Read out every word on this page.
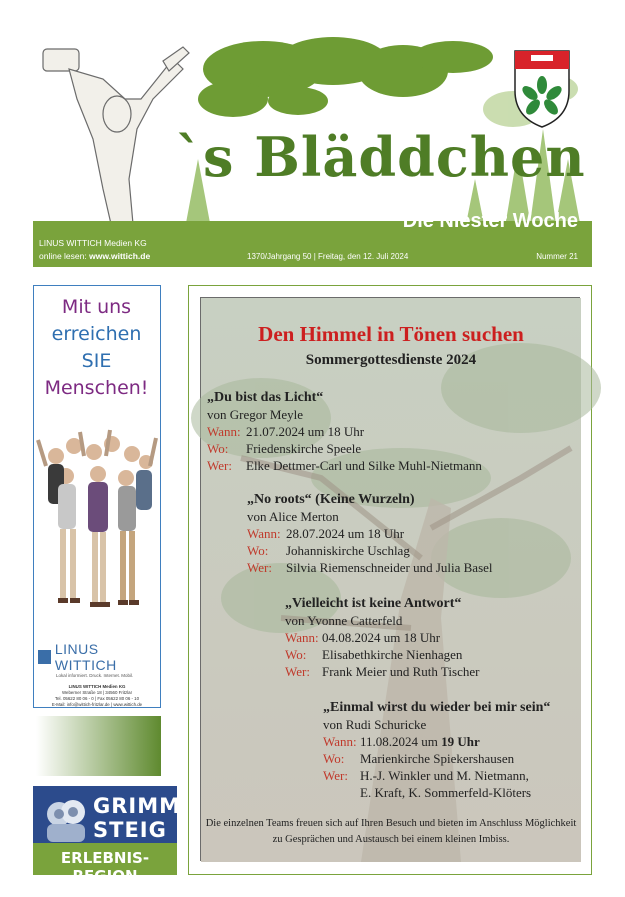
`s Bläddchen
Die Niester Woche
LINUS WITTICH Medien KG
online lesen: www.wittich.de	1370/Jahrgang 50 | Freitag, den 12. Juli 2024	Nummer 21
Mit uns
erreichen
SIE
Menschen!
LINUS WITTICH
Lokal informiert. Druck. Internet. Mobil.
LINUS WITTICH Medien KG
Weberner Straße 18 | 34560 Fritzlar
Tel. 05622 80 06 - 0 | Fax 05622 80 06 - 10
E-Mail: info@wittich-fritzlar.de | www.wittich.de
GRIMM
STEIG
ERLEBNIS-REGION
Den Himmel in Tönen suchen
Sommergottesdienste 2024
„Du bist das Licht“
von Gregor Meyle
Wann: 21.07.2024 um 18 Uhr
Wo: Friedenskirche Speele
Wer: Elke Dettmer-Carl und Silke Muhl-Nietmann
„No roots“ (Keine Wurzeln)
von Alice Merton
Wann: 28.07.2024 um 18 Uhr
Wo: Johanniskirche Uschlag
Wer: Silvia Riemenschneider und Julia Basel
„Vielleicht ist keine Antwort“
von Yvonne Catterfeld
Wann: 04.08.2024 um 18 Uhr
Wo: Elisabethkirche Nienhagen
Wer: Frank Meier und Ruth Tischer
„Einmal wirst du wieder bei mir sein“
von Rudi Schuricke
Wann: 11.08.2024 um 19 Uhr
Wo: Marienkirche Spiekershausen
Wer: H.-J. Winkler und M. Nietmann,
E. Kraft, K. Sommerfeld-Klöters
Die einzelnen Teams freuen sich auf Ihren Besuch und bieten im Anschluss Möglichkeit zu Gesprächen und Austausch bei einem kleinen Imbiss.
